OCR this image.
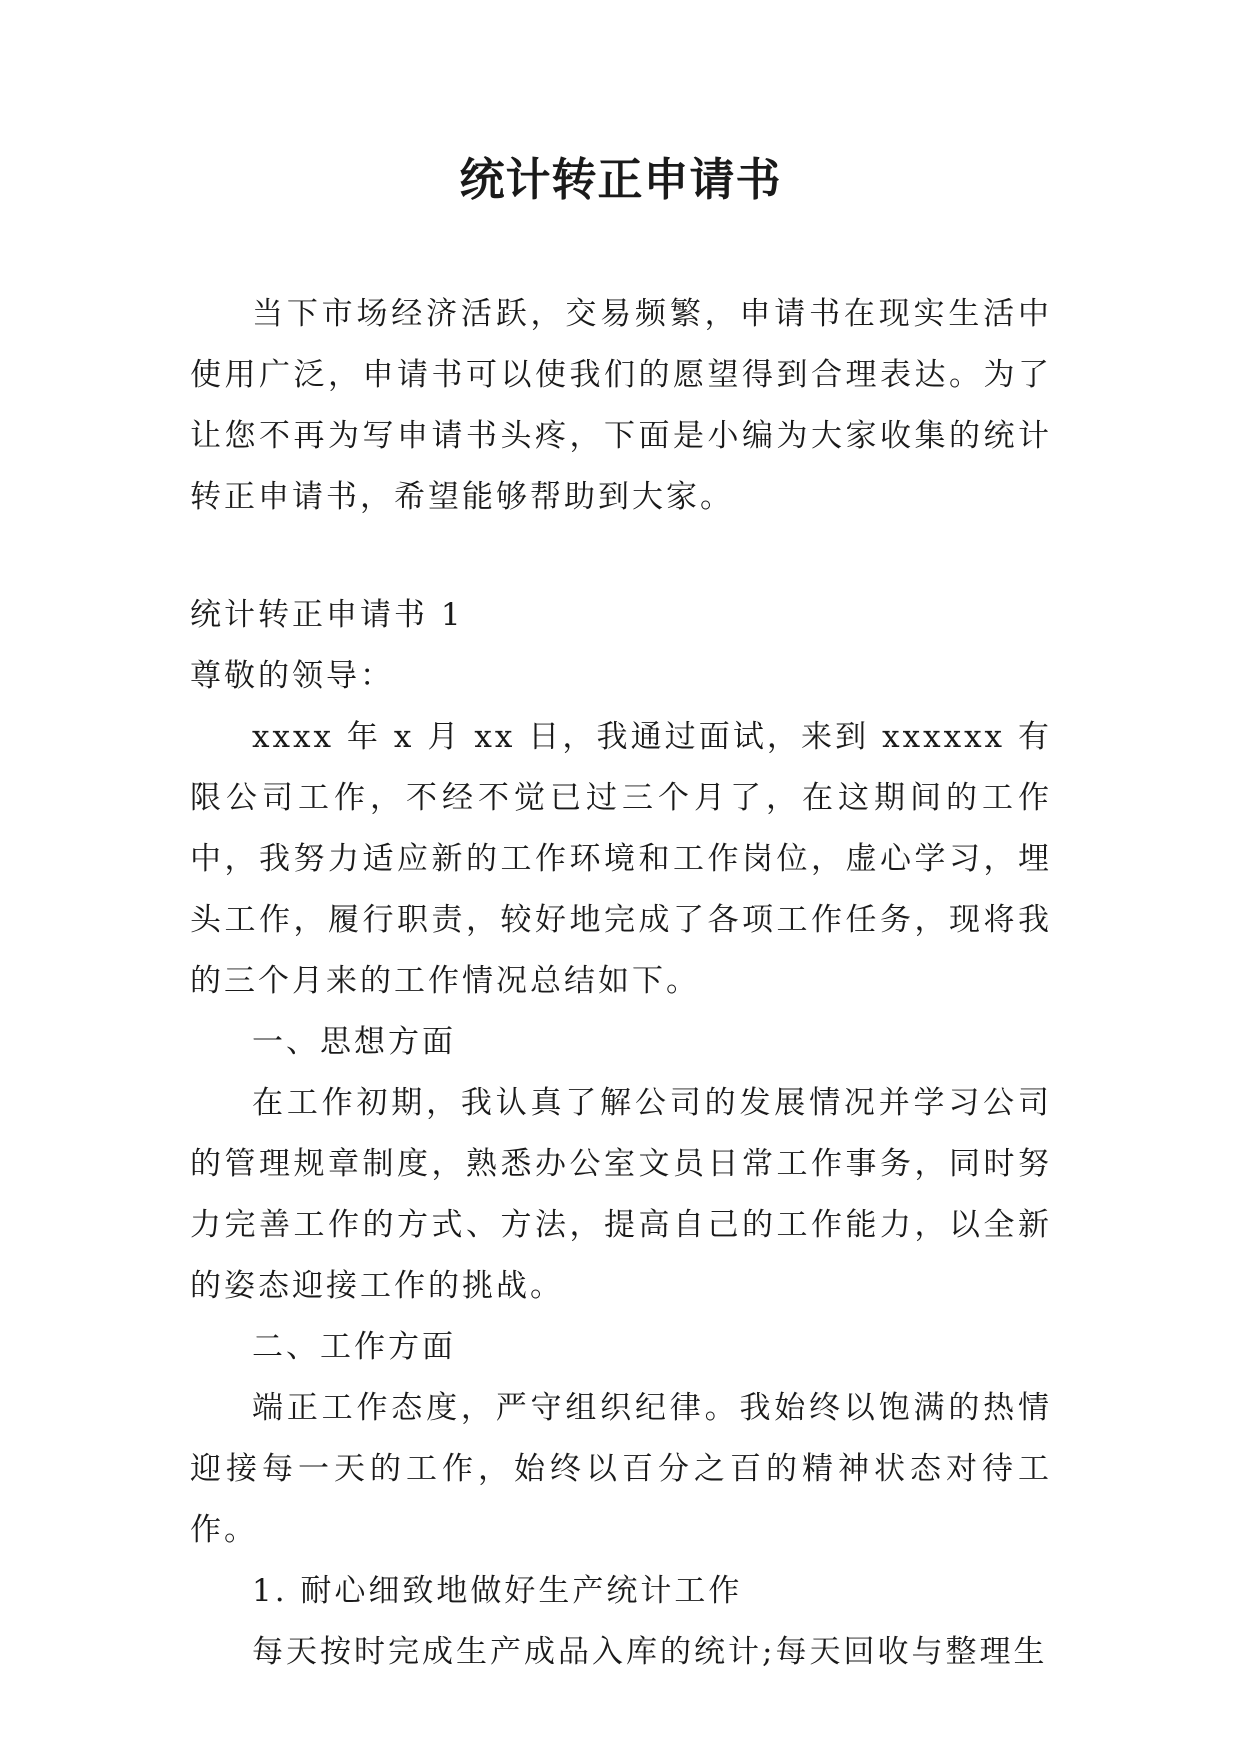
统计转正申请书

当下市场经济活跃，交易频繁，申请书在现实生活中使用广泛，申请书可以使我们的愿望得到合理表达。为了让您不再为写申请书头疼，下面是小编为大家收集的统计转正申请书，希望能够帮助到大家。

统计转正申请书 1

尊敬的领导：

xxxx 年 x 月 xx 日，我通过面试，来到 xxxxxx 有限公司工作，不经不觉已过三个月了，在这期间的工作中，我努力适应新的工作环境和工作岗位，虚心学习，埋头工作，履行职责，较好地完成了各项工作任务，现将我的三个月来的工作情况总结如下。

一、思想方面

在工作初期，我认真了解公司的发展情况并学习公司的管理规章制度，熟悉办公室文员日常工作事务，同时努力完善工作的方式、方法，提高自己的工作能力，以全新的姿态迎接工作的挑战。

二、工作方面

端正工作态度，严守组织纪律。我始终以饱满的热情迎接每一天的工作，始终以百分之百的精神状态对待工作。

1. 耐心细致地做好生产统计工作

每天按时完成生产成品入库的统计;每天回收与整理生
